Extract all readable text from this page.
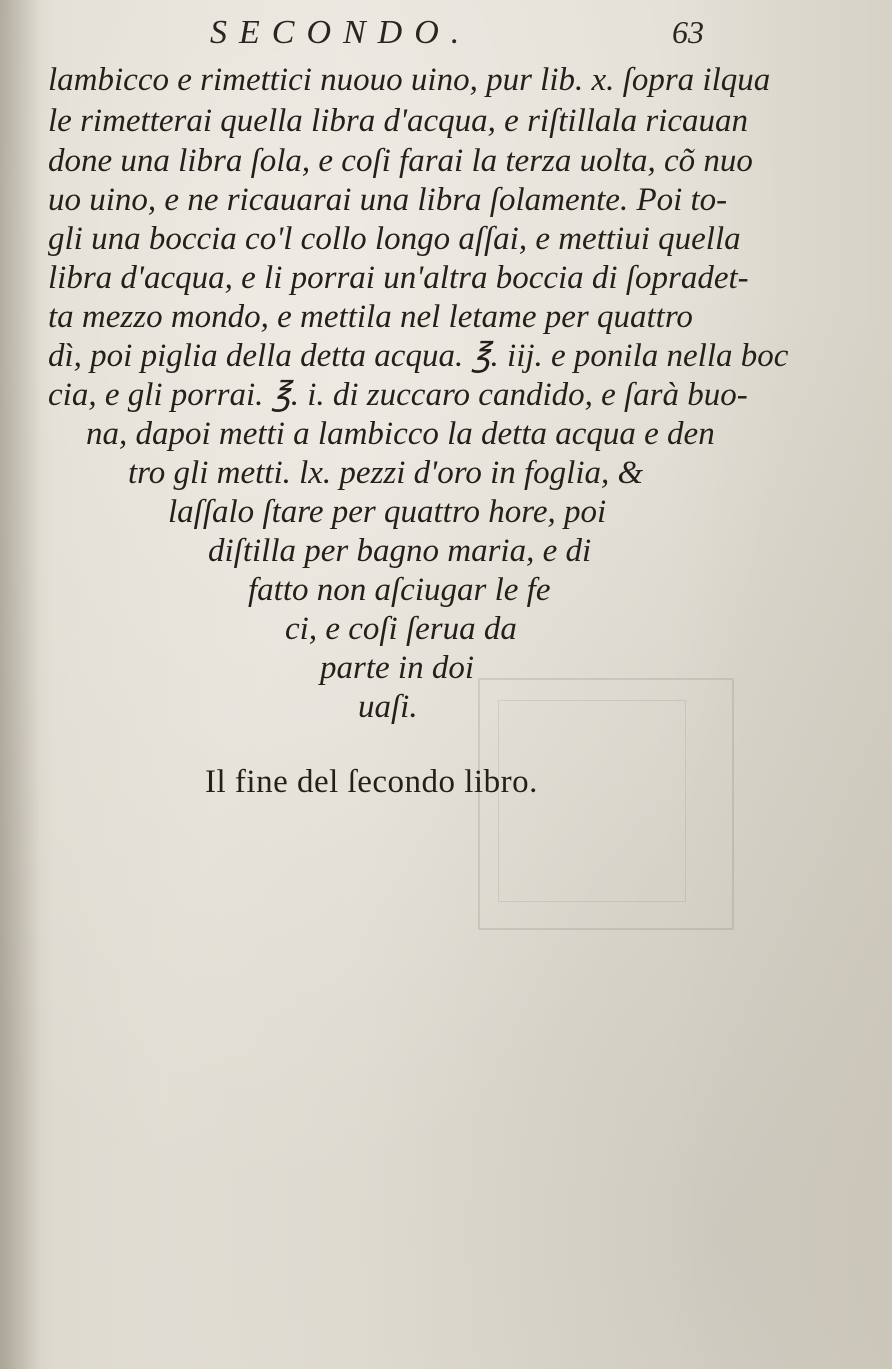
SECONDO.	63
lambicco e rimettici nuouo uino, pur lib. x. ſopra ilqua
le rimetterai quella libra d'acqua, e riſtillala ricauan
done una libra ſola, e coſi farai la terza uolta, cõ nuo
uo uino, e ne ricauarai una libra ſolamente. Poi to-
gli una boccia co'l collo longo aſſai, e mettiui quella
libra d'acqua, e li porrai un'altra boccia di ſopradet-
ta mezzo mondo, e mettila nel letame per quattro
dì, poi piglia della detta acqua. ℥. iij. e ponila nella boc
cia, e gli porrai. ℥. i. di zuccaro candido, e ſarà buo-
na, dapoi metti a lambicco la detta acqua e den
tro gli metti. lx. pezzi d'oro in foglia, &
laſſalo ſtare per quattro hore, poi
diſtilla per bagno maria, e di
fatto non aſciugar le fe
ci, e coſi ſerua da
parte in doi
uaſi.
Il fine del ſecondo libro.
